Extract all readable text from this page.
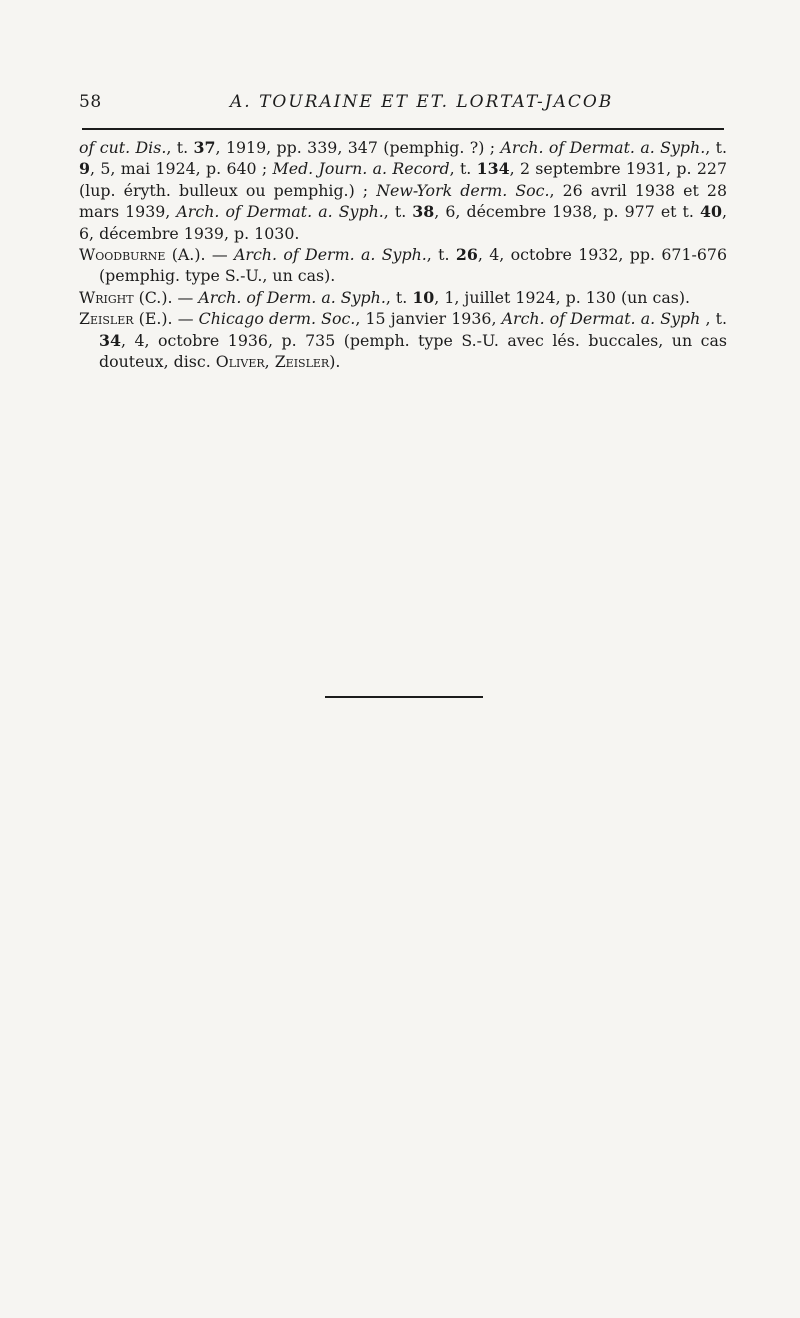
58	A. TOURAINE ET ET. LORTAT-JACOB

of cut. Dis., t. 37, 1919, pp. 339, 347 (pemphig. ?) ; Arch. of Dermat. a. Syph., t. 9, 5, mai 1924, p. 640 ; Med. Journ. a. Record, t. 134, 2 septembre 1931, p. 227 (lup. éryth. bulleux ou pemphig.) ; New-York derm. Soc., 26 avril 1938 et 28 mars 1939, Arch. of Dermat. a. Syph., t. 38, 6, décembre 1938, p. 977 et t. 40, 6, décembre 1939, p. 1030.

Woodburne (A.). — Arch. of Derm. a. Syph., t. 26, 4, octobre 1932, pp. 671-676 (pemphig. type S.-U., un cas).

Wright (C.). — Arch. of Derm. a. Syph., t. 10, 1, juillet 1924, p. 130 (un cas).

Zeisler (E.). — Chicago derm. Soc., 15 janvier 1936, Arch. of Dermat. a. Syph , t. 34, 4, octobre 1936, p. 735 (pemph. type S.-U. avec lés. buccales, un cas douteux, disc. Oliver, Zeisler).
